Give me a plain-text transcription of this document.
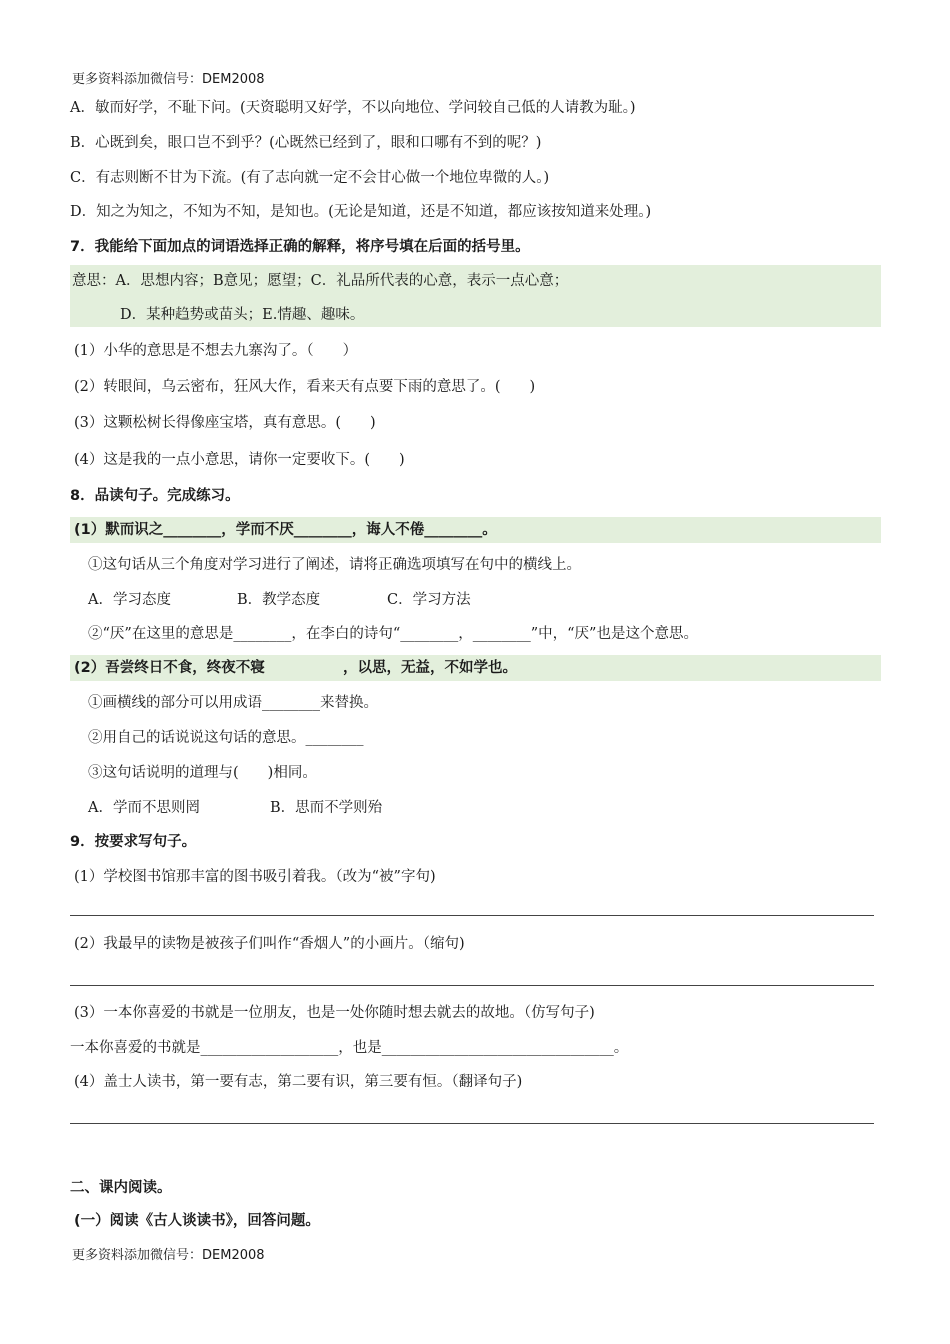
更多资料添加微信号：DEM2008
A．敏而好学，不耻下问。(天资聪明又好学，不以向地位、学问较自己低的人请教为耻。)
B．心既到矣，眼口岂不到乎？(心既然已经到了，眼和口哪有不到的呢？)
C．有志则断不甘为下流。(有了志向就一定不会甘心做一个地位卑微的人。)
D．知之为知之，不知为不知，是知也。(无论是知道，还是不知道，都应该按知道来处理。)
7．我能给下面加点的词语选择正确的解释，将序号填在后面的括号里。
意思：A．思想内容；B意见；愿望；C．礼品所代表的心意，表示一点心意；
D．某种趋势或苗头；E.情趣、趣味。
(1）小华的意思是不想去九寨沟了。（　　）
(2）转眼间，乌云密布，狂风大作，看来天有点要下雨的意思了。(　　)
(3）这颗松树长得像座宝塔，真有意思。(　　)
(4）这是我的一点小意思，请你一定要收下。(　　)
8．品读句子。完成练习。
(1）默而识之________，学而不厌________，诲人不倦________。
①这句话从三个角度对学习进行了阐述，请将正确选项填写在句中的横线上。
A．学习态度	B．教学态度	C．学习方法
②“厌”在这里的意思是________，在李白的诗句“________，________”中，“厌”也是这个意思。
(2）吾尝终日不食，终夜不寝	，以思，无益，不如学也。
①画横线的部分可以用成语________来替换。
②用自己的话说说这句话的意思。________
③这句话说明的道理与(　　)相同。
A．学而不思则罔	B．思而不学则殆
9．按要求写句子。
(1）学校图书馆那丰富的图书吸引着我。（改为“被”字句)
(2）我最早的读物是被孩子们叫作“香烟人”的小画片。（缩句)
(3）一本你喜爱的书就是一位朋友，也是一处你随时想去就去的故地。（仿写句子)
一本你喜爱的书就是___________________，也是________________________________。
(4）盖士人读书，第一要有志，第二要有识，第三要有恒。（翻译句子)
二、课内阅读。
(一）阅读《古人谈读书》，回答问题。
更多资料添加微信号：DEM2008
